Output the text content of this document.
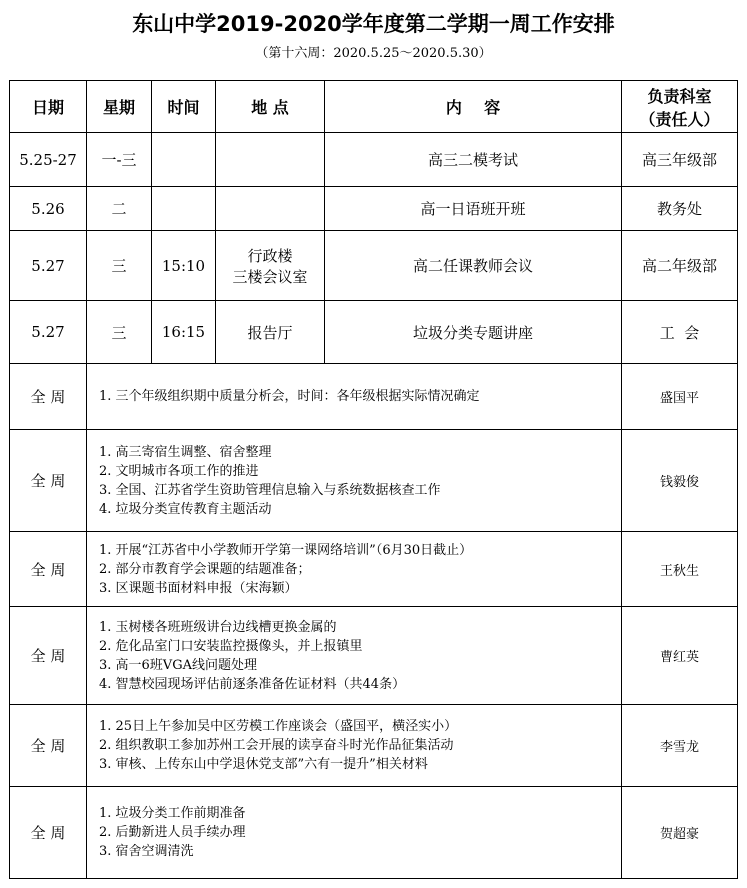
东山中学2019-2020学年度第二学期一周工作安排
（第十六周：2020.5.25～2020.5.30）
日期	星期	时间	地 点	内    容	负责科室
（责任人）

5.25-27	一-三			高三二模考试	高三年级部
5.26	二			高一日语班开班	教务处
5.27	三	15:10	行政楼
三楼会议室	高二任课教师会议	高二年级部
5.27	三	16:15	报告厅	垃圾分类专题讲座	工  会
全 周	1. 三个年级组织期中质量分析会，时间：各年级根据实际情况确定				盛国平
全 周	1. 高三寄宿生调整、宿舍整理
2. 文明城市各项工作的推进
3. 全国、江苏省学生资助管理信息输入与系统数据核查工作
4. 垃圾分类宣传教育主题活动				钱毅俊
全 周	1. 开展“江苏省中小学教师开学第一课网络培训”（6月30日截止）
2. 部分市教育学会课题的结题准备；
3. 区课题书面材料申报（宋海颖）				王秋生
全 周	1. 玉树楼各班班级讲台边线槽更换金属的
2. 危化品室门口安装监控摄像头，并上报镇里
3. 高一6班VGA线问题处理
4. 智慧校园现场评估前逐条准备佐证材料（共44条）				曹红英
全 周	1. 25日上午参加吴中区劳模工作座谈会（盛国平，横泾实小）
2. 组织教职工参加苏州工会开展的读享奋斗时光作品征集活动
3. 审核、上传东山中学退休党支部”六有一提升”相关材料				李雪龙
全 周	1. 垃圾分类工作前期准备
2. 后勤新进人员手续办理
3. 宿舍空调清洗				贺超豪
